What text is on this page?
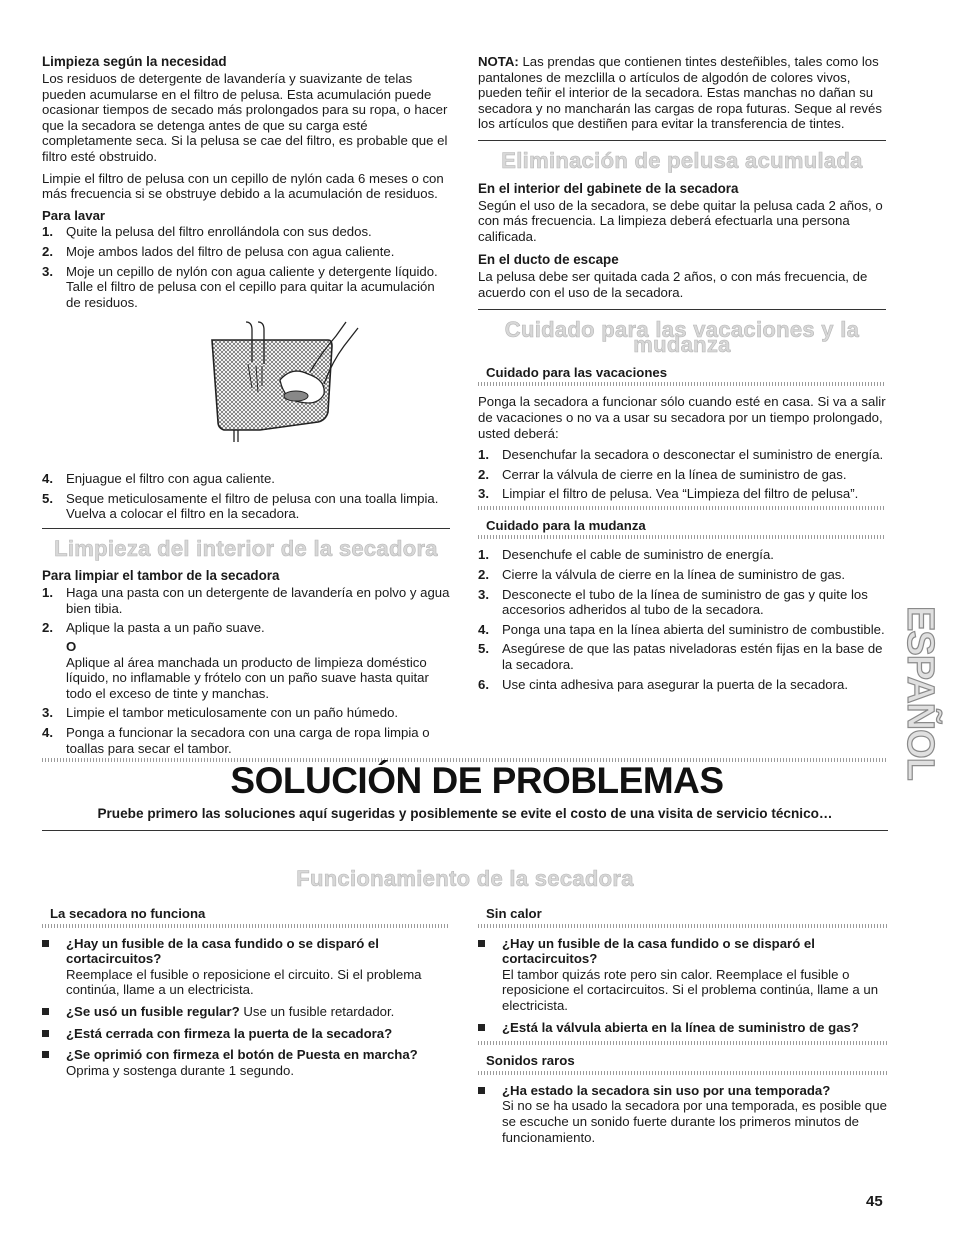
Limpieza según la necesidad

Los residuos de detergente de lavandería y suavizante de telas pueden acumularse en el filtro de pelusa. Esta acumulación puede ocasionar tiempos de secado más prolongados para su ropa, o hacer que la secadora se detenga antes de que su carga esté completamente seca. Si la pelusa se cae del filtro, es probable que el filtro esté obstruido.

Limpie el filtro de pelusa con un cepillo de nylón cada 6 meses o con más frecuencia si se obstruye debido a la acumulación de residuos.

Para lavar
1. Quite la pelusa del filtro enrollándola con sus dedos.
2. Moje ambos lados del filtro de pelusa con agua caliente.
3. Moje un cepillo de nylón con agua caliente y detergente líquido. Talle el filtro de pelusa con el cepillo para quitar la acumulación de residuos.
4. Enjuague el filtro con agua caliente.
5. Seque meticulosamente el filtro de pelusa con una toalla limpia. Vuelva a colocar el filtro en la secadora.
Limpieza del interior de la secadora
Para limpiar el tambor de la secadora
1. Haga una pasta con un detergente de lavandería en polvo y agua bien tibia.
2. Aplique la pasta a un paño suave.
O
Aplique al área manchada un producto de limpieza doméstico líquido, no inflamable y frótelo con un paño suave hasta quitar todo el exceso de tinte y manchas.
3. Limpie el tambor meticulosamente con un paño húmedo.
4. Ponga a funcionar la secadora con una carga de ropa limpia o toallas para secar el tambor.

NOTA: Las prendas que contienen tintes desteñibles, tales como los pantalones de mezclilla o artículos de algodón de colores vivos, pueden teñir el interior de la secadora. Estas manchas no dañan su secadora y no mancharán las cargas de ropa futuras. Seque al revés los artículos que destiñen para evitar la transferencia de tintes.

Eliminación de pelusa acumulada
En el interior del gabinete de la secadora

Según el uso de la secadora, se debe quitar la pelusa cada 2 años, o con más frecuencia. La limpieza deberá efectuarla una persona calificada.

En el ducto de escape

La pelusa debe ser quitada cada 2 años, o con más frecuencia, de acuerdo con el uso de la secadora.

Cuidado para las vacaciones y la mudanza
Cuidado para las vacaciones

Ponga la secadora a funcionar sólo cuando esté en casa. Si va a salir de vacaciones o no va a usar su secadora por un tiempo prolongado, usted deberá:

1. Desenchufar la secadora o desconectar el suministro de energía.
2. Cerrar la válvula de cierre en la línea de suministro de gas.
3. Limpiar el filtro de pelusa. Vea “Limpieza del filtro de pelusa”.
Cuidado para la mudanza
1. Desenchufe el cable de suministro de energía.
2. Cierre la válvula de cierre en la línea de suministro de gas.
3. Desconecte el tubo de la línea de suministro de gas y quite los accesorios adheridos al tubo de la secadora.
4. Ponga una tapa en la línea abierta del suministro de combustible.
5. Asegúrese de que las patas niveladoras estén fijas en la base de la secadora.
6. Use cinta adhesiva para asegurar la puerta de la secadora.
SOLUCIÓN DE PROBLEMAS

Pruebe primero las soluciones aquí sugeridas y posiblemente se evite el costo de una visita de servicio técnico…

Funcionamiento de la secadora
La secadora no funciona
¿Hay un fusible de la casa fundido o se disparó el cortacircuitos?
Reemplace el fusible o reposicione el circuito. Si el problema continúa, llame a un electricista.
¿Se usó un fusible regular? Use un fusible retardador.
¿Está cerrada con firmeza la puerta de la secadora?
¿Se oprimió con firmeza el botón de Puesta en marcha?
Oprima y sostenga durante 1 segundo.
Sin calor
¿Hay un fusible de la casa fundido o se disparó el cortacircuitos?
El tambor quizás rote pero sin calor. Reemplace el fusible o reposicione el cortacircuitos. Si el problema continúa, llame a un electricista.
¿Está la válvula abierta en la línea de suministro de gas?
Sonidos raros
¿Ha estado la secadora sin uso por una temporada?
Si no se ha usado la secadora por una temporada, es posible que se escuche un sonido fuerte durante los primeros minutos de funcionamiento.
ESPAÑOL
45
